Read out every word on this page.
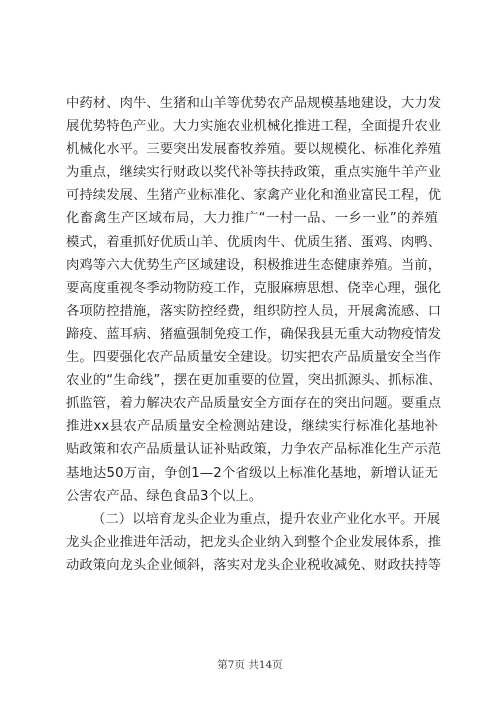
中药材、肉牛、生猪和山羊等优势农产品规模基地建设，大力发
展优势特色产业。大力实施农业机械化推进工程，全面提升农业
机械化水平。三要突出发展畜牧养殖。要以规模化、标准化养殖
为重点，继续实行财政以奖代补等扶持政策，重点实施牛羊产业
可持续发展、生猪产业标准化、家禽产业化和渔业富民工程，优
化畜禽生产区域布局，大力推广“一村一品、一乡一业”的养殖
模式，着重抓好优质山羊、优质肉牛、优质生猪、蛋鸡、肉鸭、
肉鸡等六大优势生产区域建设，积极推进生态健康养殖。当前，
要高度重视冬季动物防疫工作，克服麻痹思想、侥幸心理，强化
各项防控措施，落实防控经费，组织防控人员，开展禽流感、口
蹄疫、蓝耳病、猪瘟强制免疫工作，确保我县无重大动物疫情发
生。四要强化农产品质量安全建设。切实把农产品质量安全当作
农业的“生命线”，摆在更加重要的位置，突出抓源头、抓标准、
抓监管，着力解决农产品质量安全方面存在的突出问题。要重点
推进xx县农产品质量安全检测站建设，继续实行标准化基地补
贴政策和农产品质量认证补贴政策，力争农产品标准化生产示范
基地达50万亩，争创1—2个省级以上标准化基地，新增认证无
公害农产品、绿色食品3个以上。

（二）以培育龙头企业为重点，提升农业产业化水平。开展
龙头企业推进年活动，把龙头企业纳入到整个企业发展体系，推
动政策向龙头企业倾斜，落实对龙头企业税收减免、财政扶持等

第7页 共14页
